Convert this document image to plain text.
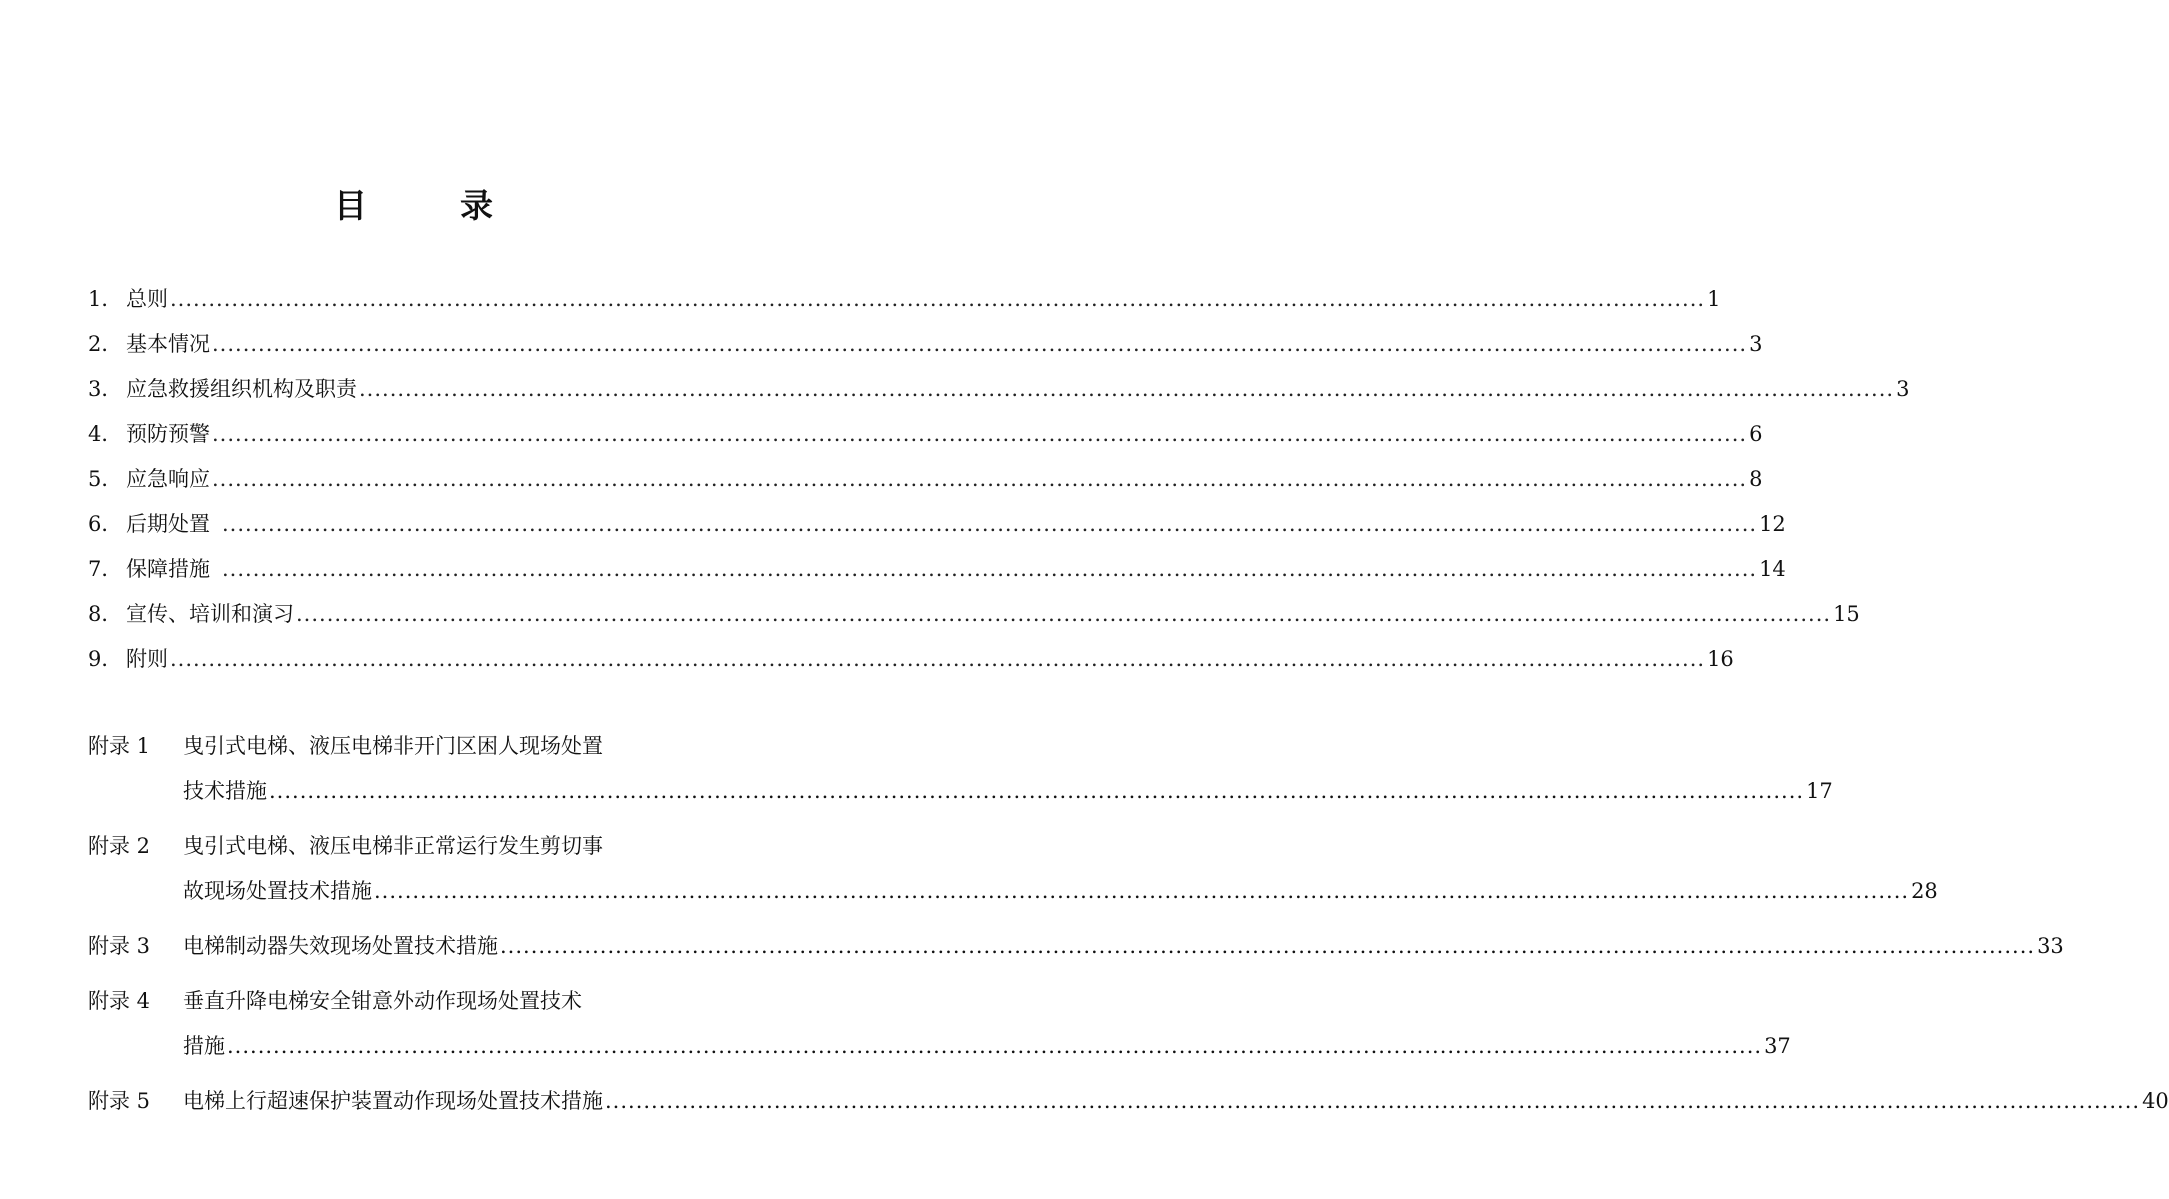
目　录
1． 总则 ........................................................................................................................................................................................................ 1
2． 基本情况 ........................................................................................................................................................................................................ 3
3． 应急救援组织机构及职责 ........................................................................................................................................................................................................ 3
4． 预防预警 ........................................................................................................................................................................................................ 6
5． 应急响应 ........................................................................................................................................................................................................ 8
6． 后期处置 ........................................................................................................................................................................................................ 12
7． 保障措施 ........................................................................................................................................................................................................ 14
8． 宣传、培训和演习 ........................................................................................................................................................................................................ 15
9． 附则 ........................................................................................................................................................................................................ 16
附录 1	曳引式电梯、液压电梯非开门区困人现场处置
技术措施 ........................................................................................................................................................................................................ 17
附录 2	曳引式电梯、液压电梯非正常运行发生剪切事
故现场处置技术措施 ........................................................................................................................................................................................................ 28
附录 3	电梯制动器失效现场处置技术措施 ........................................................................................................................................................................................................ 33
附录 4	垂直升降电梯安全钳意外动作现场处置技术
措施 ........................................................................................................................................................................................................ 37
附录 5	电梯上行超速保护装置动作现场处置技术措施 ........................................................................................................................................................................................................ 40
